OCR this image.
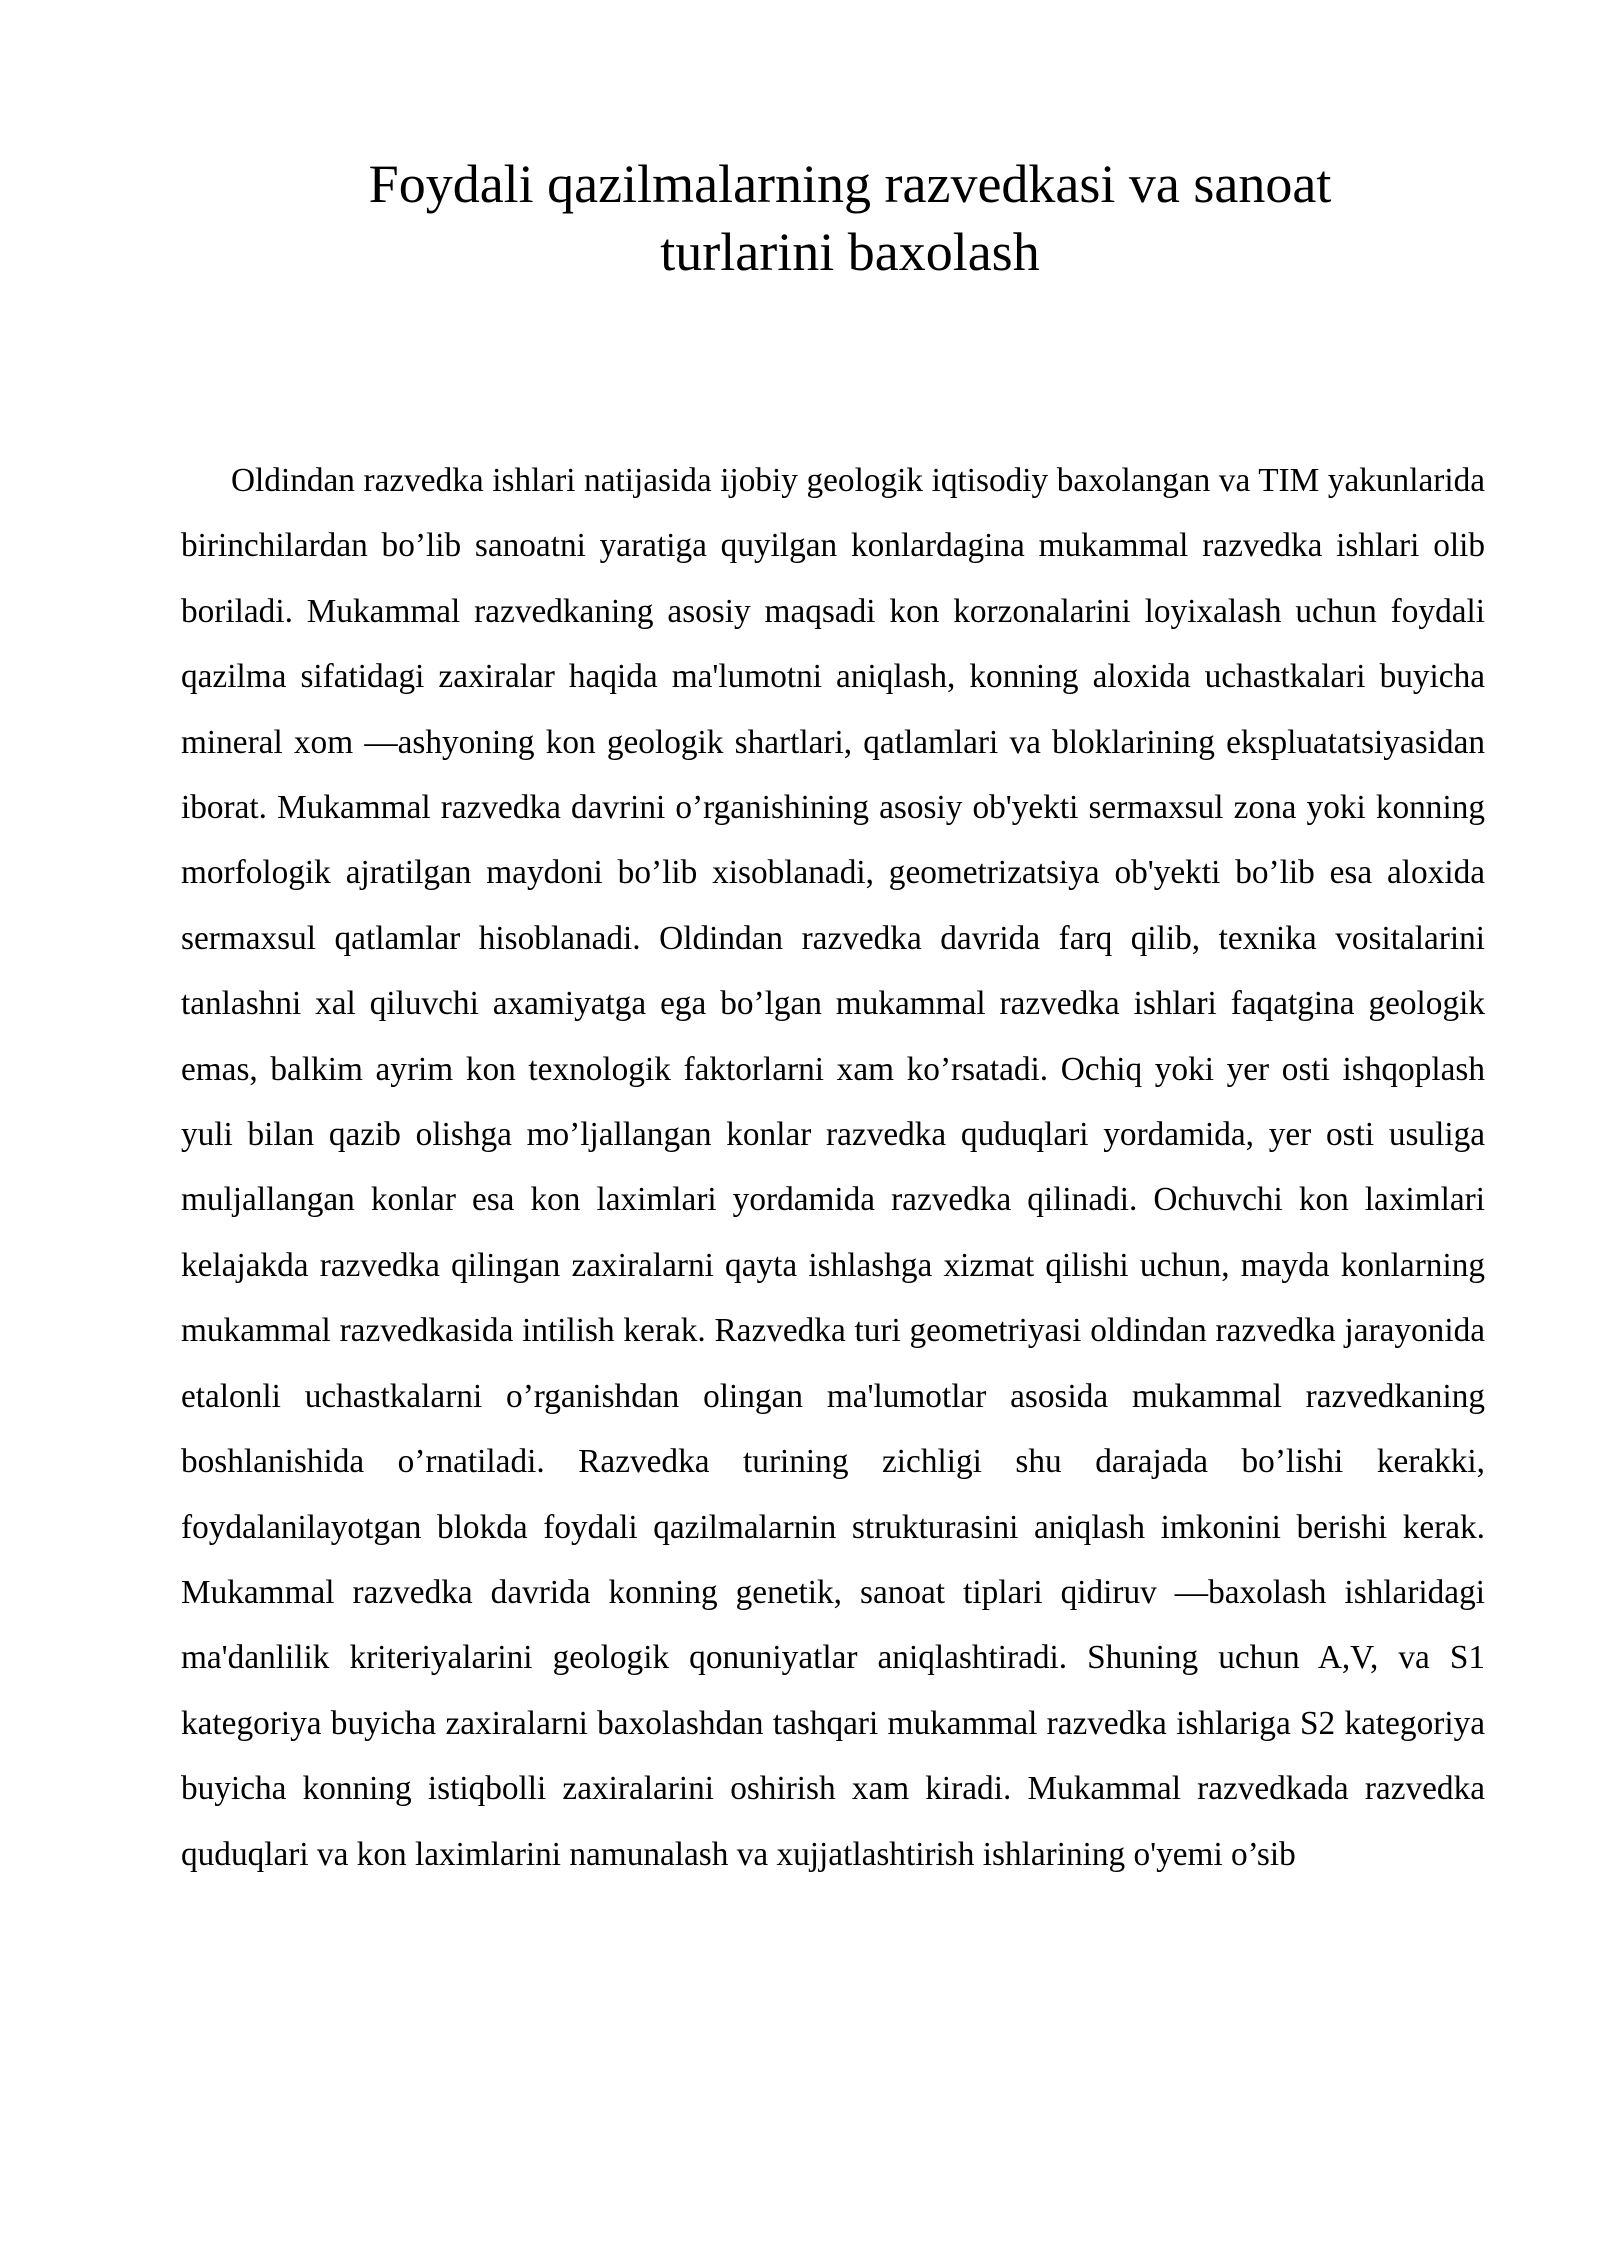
Foydali qazilmalarning razvedkasi va sanoat
turlarini baxolash

Oldindan razvedka ishlari natijasida ijobiy geologik iqtisodiy baxolangan va TIM yakunlarida birinchilardan bo’lib sanoatni yaratiga quyilgan konlardagina mukammal razvedka ishlari olib boriladi. Mukammal razvedkaning asosiy maqsadi kon korzonalarini loyixalash uchun foydali qazilma sifatidagi zaxiralar haqida ma'lumotni aniqlash, konning aloxida uchastkalari buyicha mineral xom —ashyoning kon geologik shartlari, qatlamlari va bloklarining ekspluatatsiyasidan iborat. Mukammal razvedka davrini o’rganishining asosiy ob'yekti sermaxsul zona yoki konning morfologik ajratilgan maydoni bo’lib xisoblanadi, geometrizatsiya ob'yekti bo’lib esa aloxida sermaxsul qatlamlar hisoblanadi. Oldindan razvedka davrida farq qilib, texnika vositalarini tanlashni xal qiluvchi axamiyatga ega bo’lgan mukammal razvedka ishlari faqatgina geologik emas, balkim ayrim kon texnologik faktorlarni xam ko’rsatadi. Ochiq yoki yer osti ishqoplash yuli bilan qazib olishga mo’ljallangan konlar razvedka quduqlari yordamida, yer osti usuliga muljallangan konlar esa kon laximlari yordamida razvedka qilinadi. Ochuvchi kon laximlari kelajakda razvedka qilingan zaxiralarni qayta ishlashga xizmat qilishi uchun, mayda konlarning mukammal razvedkasida intilish kerak. Razvedka turi geometriyasi oldindan razvedka jarayonida etalonli uchastkalarni o’rganishdan olingan ma'lumotlar asosida mukammal razvedkaning boshlanishida o’rnatiladi. Razvedka turining zichligi shu darajada bo’lishi kerakki, foydalanilayotgan blokda foydali qazilmalarnin strukturasini aniqlash imkonini berishi kerak. Mukammal razvedka davrida konning genetik, sanoat tiplari qidiruv —baxolash ishlaridagi ma'danlilik kriteriyalarini geologik qonuniyatlar aniqlashtiradi. Shuning uchun A,V, va S1 kategoriya buyicha zaxiralarni baxolashdan tashqari mukammal razvedka ishlariga S2 kategoriya buyicha konning istiqbolli zaxiralarini oshirish xam kiradi. Mukammal razvedkada razvedka quduqlari va kon laximlarini namunalash va xujjatlashtirish ishlarining o'yemi o’sib
